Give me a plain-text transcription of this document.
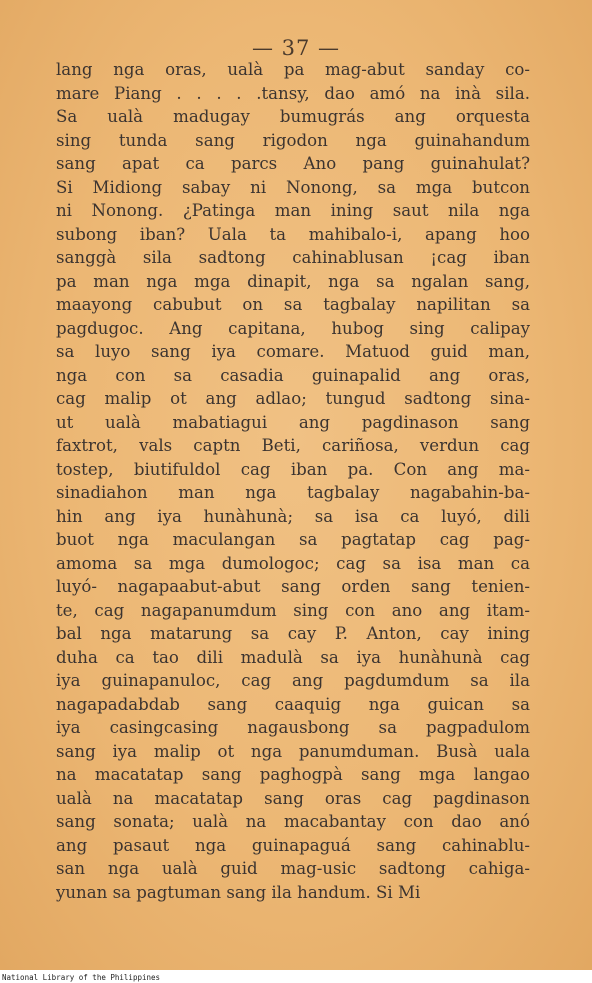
— 37 —
lang nga oras, ualà pa mag-abut sanday co-
mare Piang . . . . .tansy, dao amó na inà sila.
Sa ualà madugay bumugrás ang orquesta
sing tunda sang rigodon nga guinahandum
sang apat ca parcs Ano pang guinahulat?
Si Midiong sabay ni Nonong, sa mga butcon
ni Nonong. ¿Patinga man ining saut nila nga
subong iban? Uala ta mahibalo-i, apang hoo
sanggà sila sadtong cahinablusan ¡cag iban
pa man nga mga dinapit, nga sa ngalan sang,
maayong cabubut on sa tagbalay napilitan sa
pagdugoc. Ang capitana, hubog sing calipay
sa luyo sang iya comare. Matuod guid man,
nga con sa casadia guinapalid ang oras,
cag malip ot ang adlao; tungud sadtong sina-
ut ualà mabatiagui ang pagdinason sang
faxtrot, vals captn Beti, cariñosa, verdun cag
tostep, biutifuldol cag iban pa. Con ang ma-
sinadiahon man nga tagbalay nagabahin-ba-
hin ang iya hunàhunà; sa isa ca luyó, dili
buot nga maculangan sa pagtatap cag pag-
amoma sa mga dumologoc; cag sa isa man ca
luyó- nagapaabut-abut sang orden sang tenien-
te, cag nagapanumdum sing con ano ang itam-
bal nga matarung sa cay P. Anton, cay ining
duha ca tao dili madulà sa iya hunàhunà cag
iya guinapanuloc, cag ang pagdumdum sa ila
nagapadabdab sang caaquig nga guican sa
iya casingcasing nagausbong sa pagpadulom
sang iya malip ot nga panumduman. Busà uala
na macatatap sang paghogpà sang mga langao
ualà na macatatap sang oras cag pagdinason
sang sonata; ualà na macabantay con dao anó
ang pasaut nga guinapaguá sang cahinablu-
san nga ualà guid mag-usic sadtong cahiga-
yunan sa pagtuman sang ila handum. Si Mi
National Library of the Philippines
